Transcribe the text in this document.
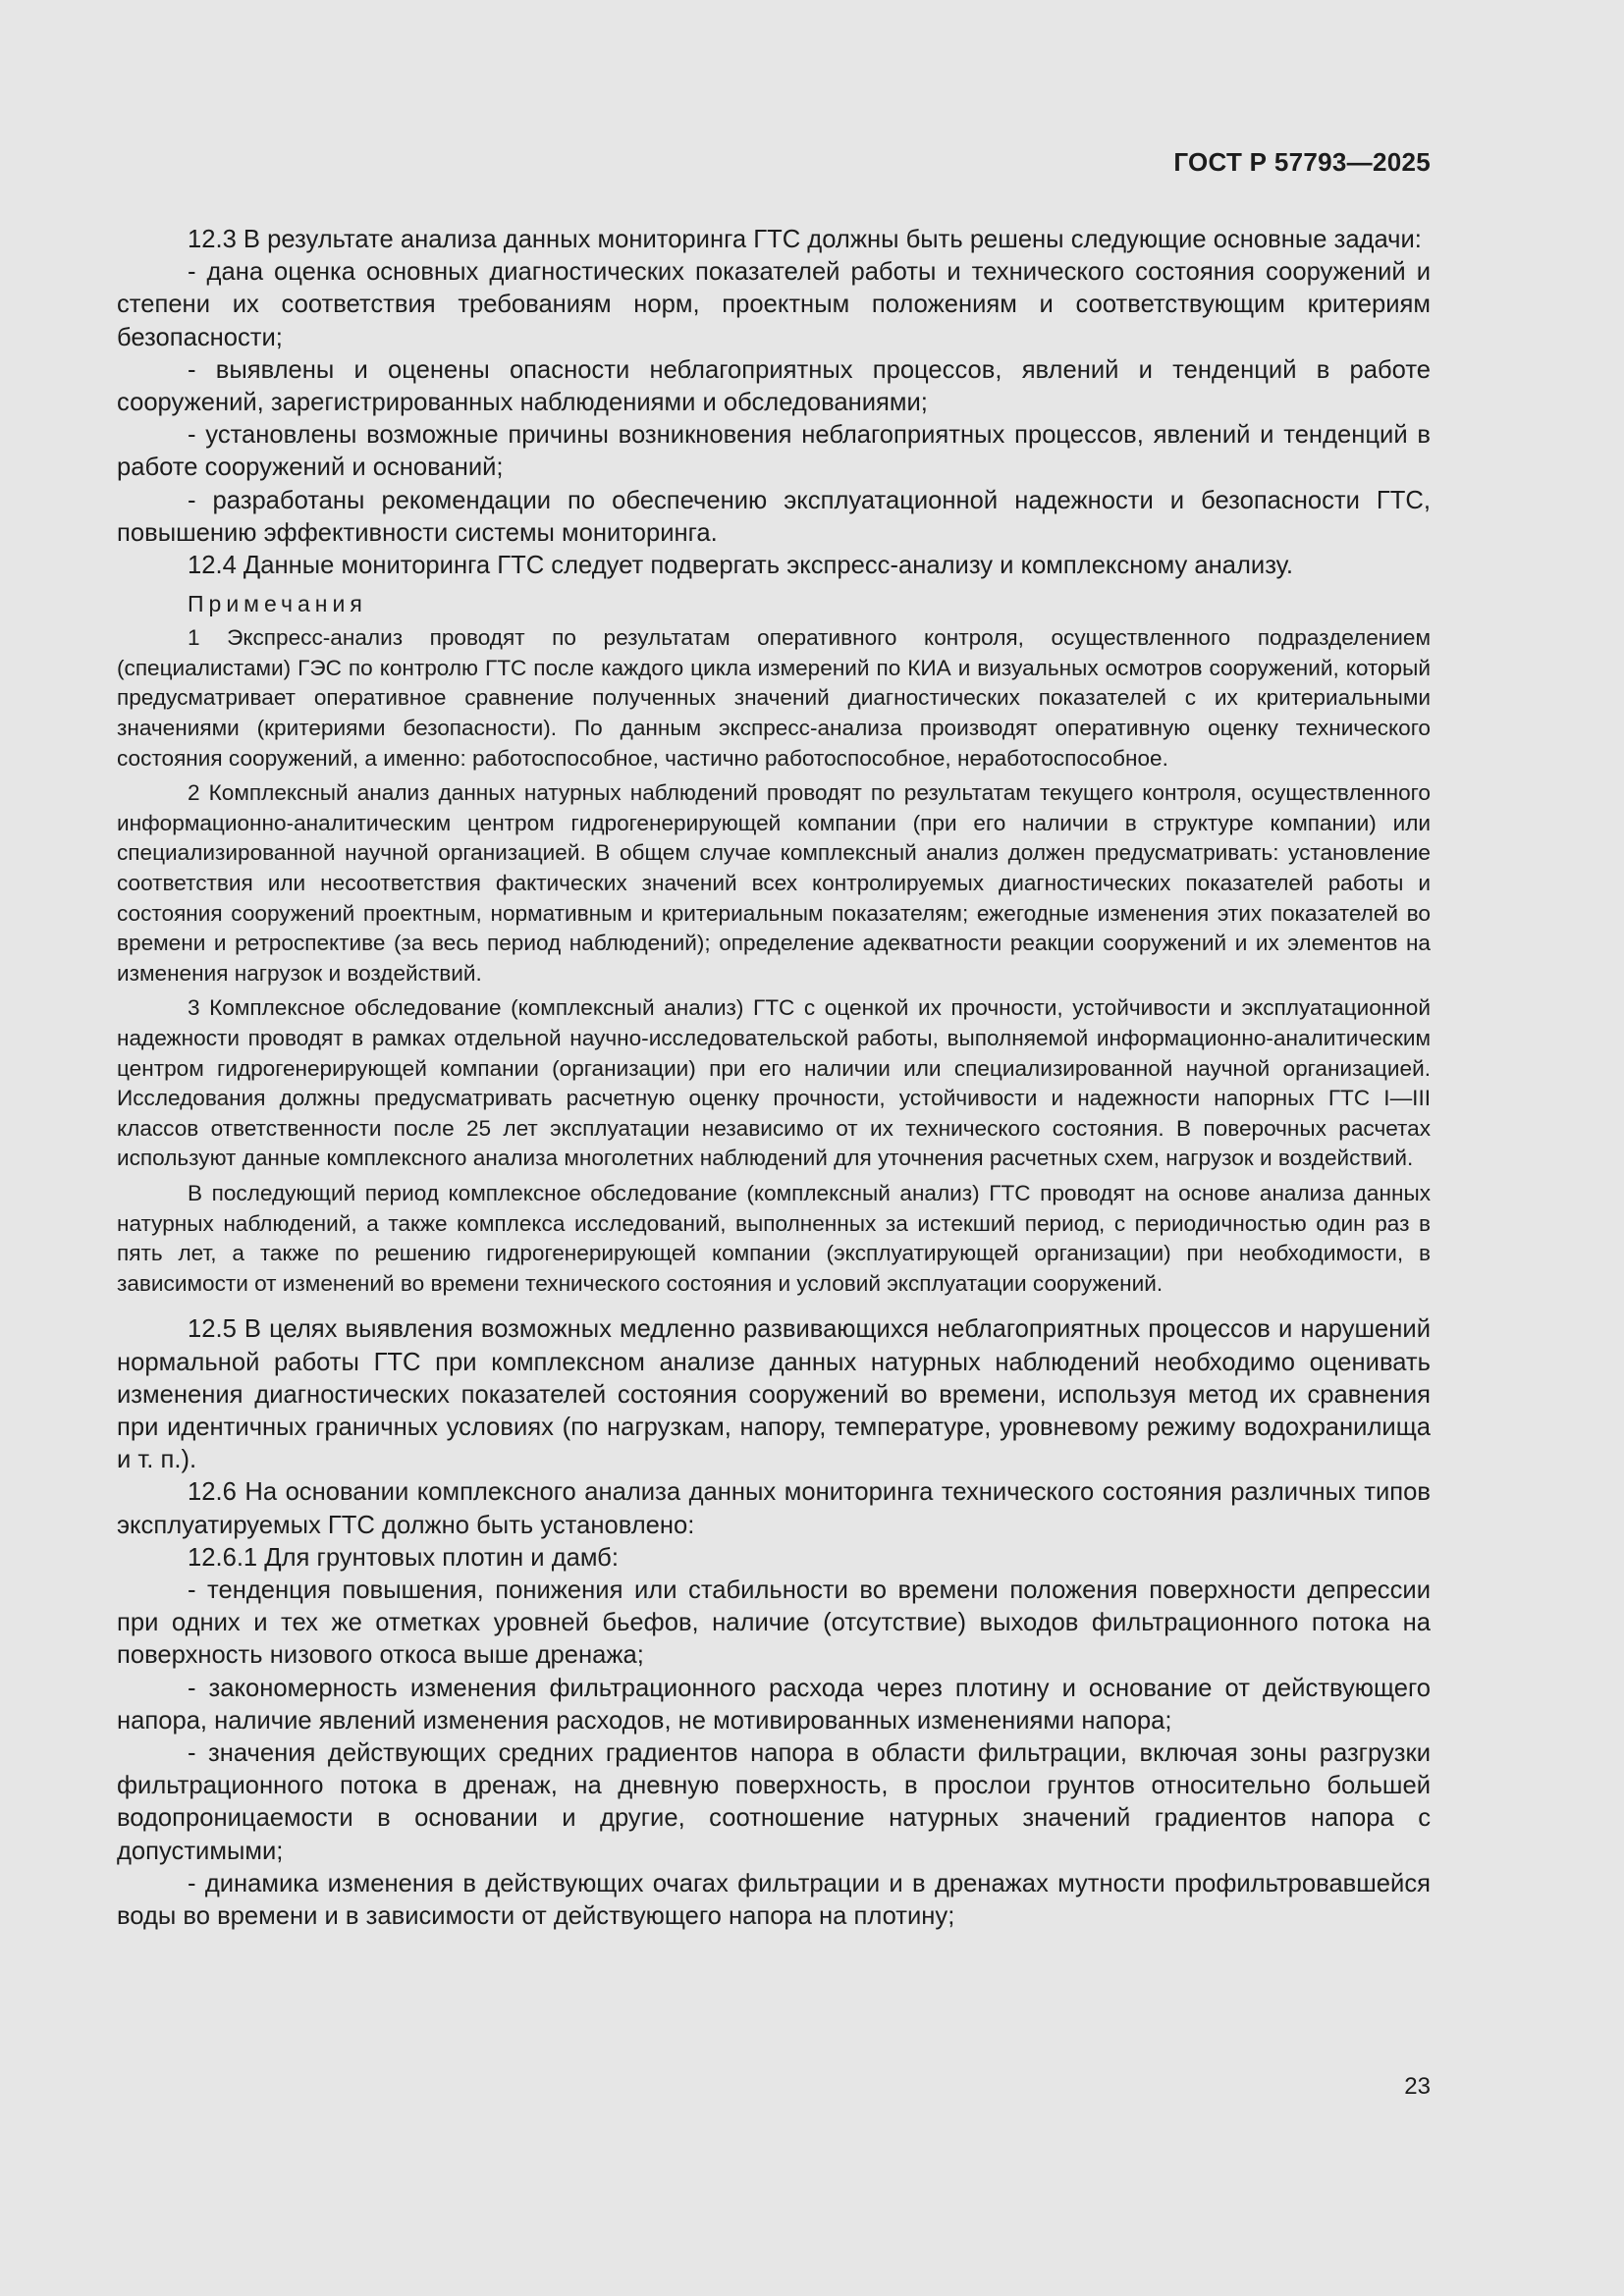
ГОСТ Р 57793—2025

12.3 В результате анализа данных мониторинга ГТС должны быть решены следующие основные задачи:

- дана оценка основных диагностических показателей работы и технического состояния сооружений и степени их соответствия требованиям норм, проектным положениям и соответствующим критериям безопасности;

- выявлены и оценены опасности неблагоприятных процессов, явлений и тенденций в работе сооружений, зарегистрированных наблюдениями и обследованиями;

- установлены возможные причины возникновения неблагоприятных процессов, явлений и тенденций в работе сооружений и оснований;

- разработаны рекомендации по обеспечению эксплуатационной надежности и безопасности ГТС, повышению эффективности системы мониторинга.

12.4 Данные мониторинга ГТС следует подвергать экспресс-анализу и комплексному анализу.

Примечания

1 Экспресс-анализ проводят по результатам оперативного контроля, осуществленного подразделением (специалистами) ГЭС по контролю ГТС после каждого цикла измерений по КИА и визуальных осмотров сооружений, который предусматривает оперативное сравнение полученных значений диагностических показателей с их критериальными значениями (критериями безопасности). По данным экспресс-анализа производят оперативную оценку технического состояния сооружений, а именно: работоспособное, частично работоспособное, неработоспособное.

2 Комплексный анализ данных натурных наблюдений проводят по результатам текущего контроля, осуществленного информационно-аналитическим центром гидрогенерирующей компании (при его наличии в структуре компании) или специализированной научной организацией. В общем случае комплексный анализ должен предусматривать: установление соответствия или несоответствия фактических значений всех контролируемых диагностических показателей работы и состояния сооружений проектным, нормативным и критериальным показателям; ежегодные изменения этих показателей во времени и ретроспективе (за весь период наблюдений); определение адекватности реакции сооружений и их элементов на изменения нагрузок и воздействий.

3 Комплексное обследование (комплексный анализ) ГТС с оценкой их прочности, устойчивости и эксплуатационной надежности проводят в рамках отдельной научно-исследовательской работы, выполняемой информационно-аналитическим центром гидрогенерирующей компании (организации) при его наличии или специализированной научной организацией. Исследования должны предусматривать расчетную оценку прочности, устойчивости и надежности напорных ГТС I—III классов ответственности после 25 лет эксплуатации независимо от их технического состояния. В поверочных расчетах используют данные комплексного анализа многолетних наблюдений для уточнения расчетных схем, нагрузок и воздействий.

В последующий период комплексное обследование (комплексный анализ) ГТС проводят на основе анализа данных натурных наблюдений, а также комплекса исследований, выполненных за истекший период, с периодичностью один раз в пять лет, а также по решению гидрогенерирующей компании (эксплуатирующей организации) при необходимости, в зависимости от изменений во времени технического состояния и условий эксплуатации сооружений.

12.5 В целях выявления возможных медленно развивающихся неблагоприятных процессов и нарушений нормальной работы ГТС при комплексном анализе данных натурных наблюдений необходимо оценивать изменения диагностических показателей состояния сооружений во времени, используя метод их сравнения при идентичных граничных условиях (по нагрузкам, напору, температуре, уровневому режиму водохранилища и т. п.).

12.6 На основании комплексного анализа данных мониторинга технического состояния различных типов эксплуатируемых ГТС должно быть установлено:

12.6.1 Для грунтовых плотин и дамб:

- тенденция повышения, понижения или стабильности во времени положения поверхности депрессии при одних и тех же отметках уровней бьефов, наличие (отсутствие) выходов фильтрационного потока на поверхность низового откоса выше дренажа;

- закономерность изменения фильтрационного расхода через плотину и основание от действующего напора, наличие явлений изменения расходов, не мотивированных изменениями напора;

- значения действующих средних градиентов напора в области фильтрации, включая зоны разгрузки фильтрационного потока в дренаж, на дневную поверхность, в прослои грунтов относительно большей водопроницаемости в основании и другие, соотношение натурных значений градиентов напора с допустимыми;

- динамика изменения в действующих очагах фильтрации и в дренажах мутности профильтровавшейся воды во времени и в зависимости от действующего напора на плотину;

23
